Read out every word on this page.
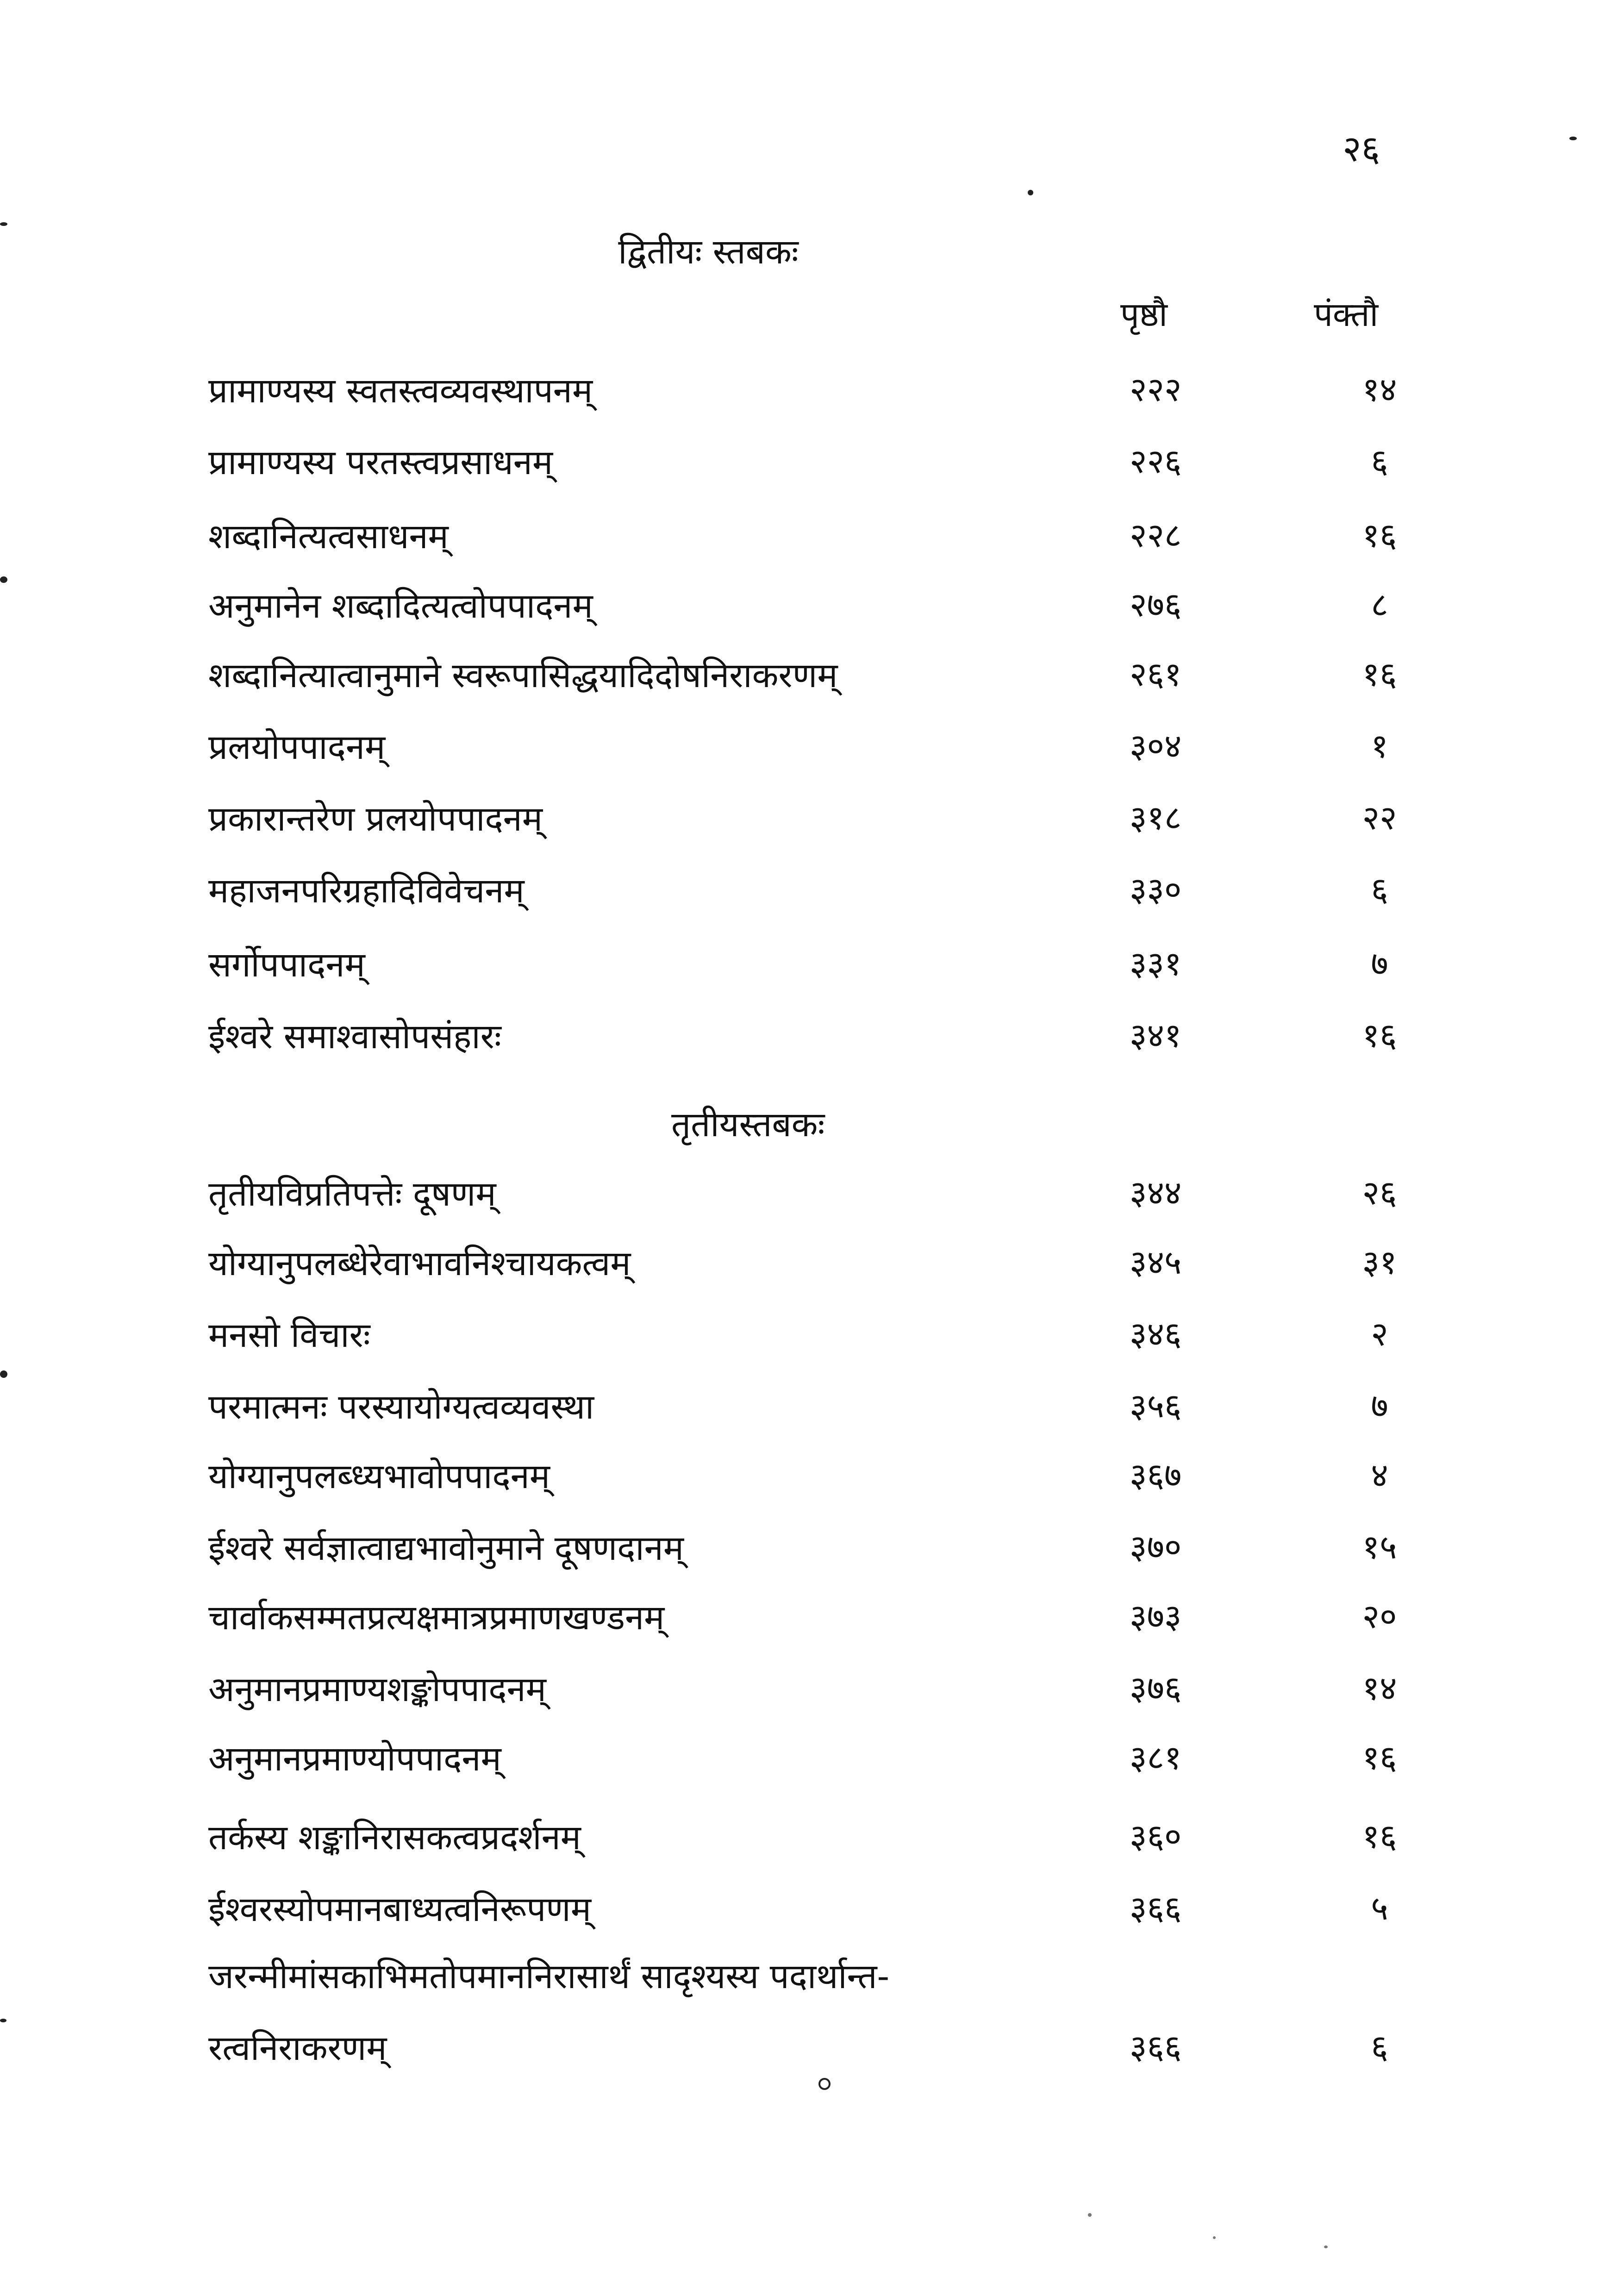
२६
द्वितीयः स्तबकः
पृष्ठौ	पंक्तौ
प्रामाण्यस्य स्वतस्त्वव्यवस्थापनम्	२२२	१४
प्रामाण्यस्य परतस्त्वप्रसाधनम्	२२६	६
शब्दानित्यत्वसाधनम्	२२८	१६
अनुमानेन शब्दादित्यत्वोपपादनम्	२७६	८
शब्दानित्यात्वानुमाने स्वरूपासिद्धयादिदोषनिराकरणम्	२६१	१६
प्रलयोपपादनम्	३०४	१
प्रकारान्तरेण प्रलयोपपादनम्	३१८	२२
महाजनपरिग्रहादिविवेचनम्	३३०	६
सर्गोपपादनम्	३३१	७
ईश्वरे समाश्वासोपसंहारः	३४१	१६
तृतीयस्तबकः
तृतीयविप्रतिपत्तेः दूषणम्	३४४	२६
योग्यानुपलब्धेरेवाभावनिश्चायकत्वम्	३४५	३१
मनसो विचारः	३४६	२
परमात्मनः परस्यायोग्यत्वव्यवस्था	३५६	७
योग्यानुपलब्ध्यभावोपपादनम्	३६७	४
ईश्वरे सर्वज्ञात्वाद्यभावोनुमाने दूषणदानम्	३७०	१५
चार्वाकसम्मतप्रत्यक्षमात्रप्रमाणखण्डनम्	३७३	२०
अनुमानप्रमाण्यशङ्कोपपादनम्	३७६	१४
अनुमानप्रमाण्योपपादनम्	३८१	१६
तर्कस्य शङ्कानिरासकत्वप्रदर्शनम्	३६०	१६
ईश्वरस्योपमानबाध्यत्वनिरूपणम्	३६६	५
जरन्मीमांसकाभिमतोपमाननिरासार्थं सादृश्यस्य पदार्थान्त-
रत्वनिराकरणम्	३६६	६
